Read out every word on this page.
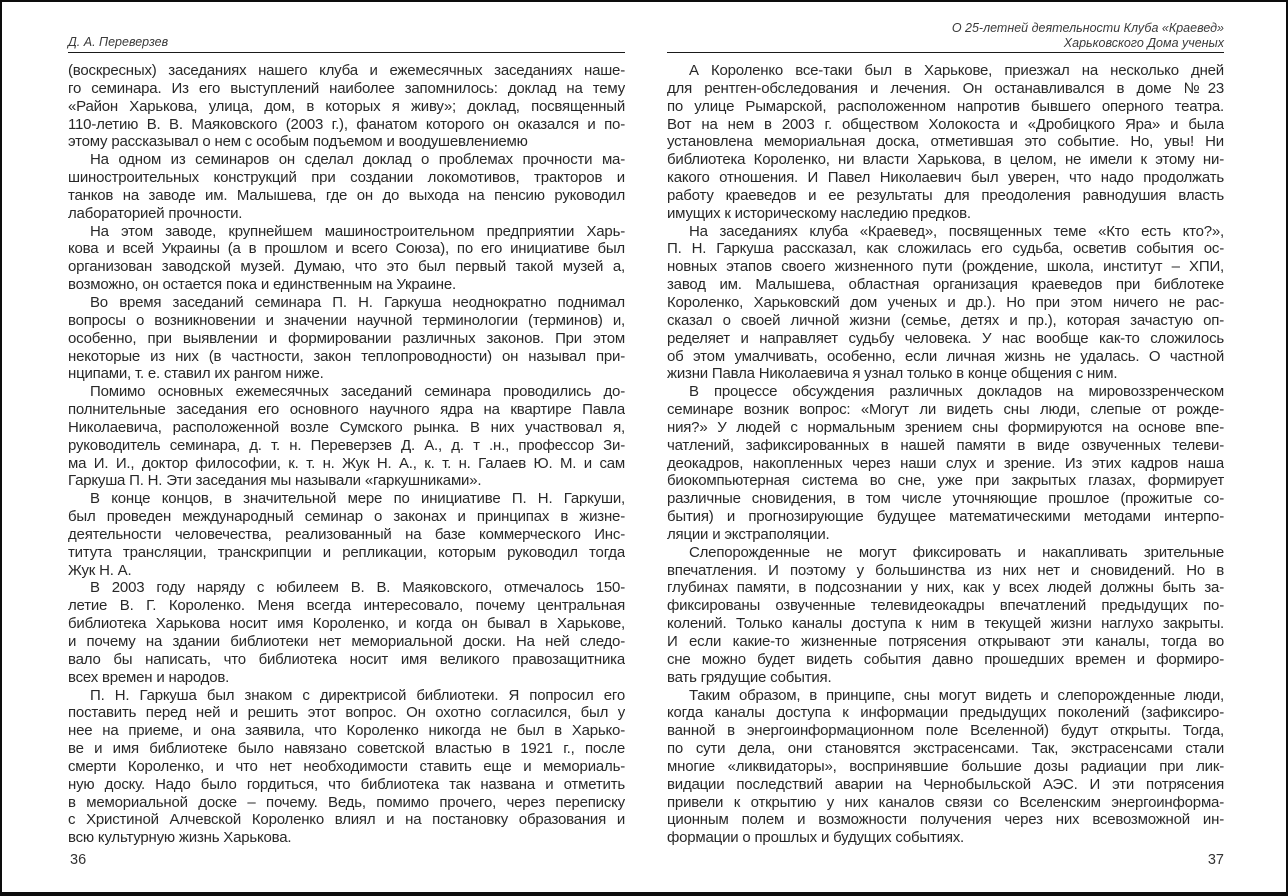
Д. А. Переверзев
(воскресных) заседаниях нашего клуба и ежемесячных заседаниях наше-
го семинара. Из его выступлений наиболее запомнилось: доклад на тему
«Район Харькова, улица, дом, в которых я живу»; доклад, посвященный
110-летию В. В. Маяковского (2003 г.), фанатом которого он оказался и по-
этому рассказывал о нем с особым подъемом и воодушевлениемю
На одном из семинаров он сделал доклад о проблемах прочности ма-
шиностроительных конструкций при создании локомотивов, тракторов и
танков на заводе им. Малышева, где он до выхода на пенсию руководил
лабораторией прочности.
На этом заводе, крупнейшем машиностроительном предприятии Харь-
кова и всей Украины (а в прошлом и всего Союза), по его инициативе был
организован заводской музей. Думаю, что это был первый такой музей а,
возможно, он остается пока и единственным на Украине.
Во время заседаний семинара П. Н. Гаркуша неоднократно поднимал
вопросы о возникновении и значении научной терминологии (терминов) и,
особенно, при выявлении и формировании различных законов. При этом
некоторые из них (в частности, закон теплопроводности) он называл при-
нципами, т. е. ставил их рангом ниже.
Помимо основных ежемесячных заседаний семинара проводились до-
полнительные заседания его основного научного ядра на квартире Павла
Николаевича, расположенной возле Сумского рынка. В них участвовал я,
руководитель семинара, д. т. н. Переверзев Д. А., д. т .н., профессор Зи-
ма И. И., доктор философии, к. т. н. Жук Н. А., к. т. н. Галаев Ю. М. и сам
Гаркуша П. Н. Эти заседания мы называли «гаркушниками».
В конце концов, в значительной мере по инициативе П. Н. Гаркуши,
был проведен международный семинар о законах и принципах в жизне-
деятельности человечества, реализованный на базе коммерческого Инс-
титута трансляции, транскрипции и репликации, которым руководил тогда
Жук Н. А.
В 2003 году наряду с юбилеем В. В. Маяковского, отмечалось 150-
летие В. Г. Короленко. Меня всегда интересовало, почему центральная
библиотека Харькова носит имя Короленко, и когда он бывал в Харькове,
и почему на здании библиотеки нет мемориальной доски. На ней следо-
вало бы написать, что библиотека носит имя великого правозащитника
всех времен и народов.
П. Н. Гаркуша был знаком с директрисой библиотеки. Я попросил его
поставить перед ней и решить этот вопрос. Он охотно согласился, был у
нее на приеме, и она заявила, что Короленко никогда не был в Харько-
ве и имя библиотеке было навязано советской властью в 1921 г., после
смерти Короленко, и что нет необходимости ставить еще и мемориаль-
ную доску. Надо было гордиться, что библиотека так названа и отметить
в мемориальной доске – почему. Ведь, помимо прочего, через переписку
с Христиной Алчевской Короленко влиял и на постановку образования и
всю культурную жизнь Харькова.
36
О 25-летней деятельности Клуба «Краевед»
Харьковского Дома ученых
А Короленко все-таки был в Харькове, приезжал на несколько дней
для рентген-обследования и лечения. Он останавливался в доме №23
по улице Рымарской, расположенном напротив бывшего оперного театра.
Вот на нем в 2003 г. обществом Холокоста и «Дробицкого Яра» и была
установлена мемориальная доска, отметившая это событие. Но, увы! Ни
библиотека Короленко, ни власти Харькова, в целом, не имели к этому ни-
какого отношения. И Павел Николаевич был уверен, что надо продолжать
работу краеведов и ее результаты для преодоления равнодушия власть
имущих к историческому наследию предков.
На заседаниях клуба «Краевед», посвященных теме «Кто есть кто?»,
П. Н. Гаркуша рассказал, как сложилась его судьба, осветив события ос-
новных этапов своего жизненного пути (рождение, школа, институт – ХПИ,
завод им. Малышева, областная организация краеведов при библотеке
Короленко, Харьковский дом ученых и др.). Но при этом ничего не рас-
сказал о своей личной жизни (семье, детях и пр.), которая зачастую оп-
ределяет и направляет судьбу человека. У нас вообще как-то сложилось
об этом умалчивать, особенно, если личная жизнь не удалась. О частной
жизни Павла Николаевича я узнал только в конце общения с ним.
В процессе обсуждения различных докладов на мировоззренческом
семинаре возник вопрос: «Могут ли видеть сны люди, слепые от рожде-
ния?» У людей с нормальным зрением сны формируются на основе впе-
чатлений, зафиксированных в нашей памяти в виде озвученных телеви-
деокадров, накопленных через наши слух и зрение. Из этих кадров наша
биокомпьютерная система во сне, уже при закрытых глазах, формирует
различные сновидения, в том числе уточняющие прошлое (прожитые со-
бытия) и прогнозирующие будущее математическими методами интерпо-
ляции и экстраполяции.
Слепорожденные не могут фиксировать и накапливать зрительные
впечатления. И поэтому у большинства из них нет и сновидений. Но в
глубинах памяти, в подсознании у них, как у всех людей должны быть за-
фиксированы озвученные телевидеокадры впечатлений предыдущих по-
колений. Только каналы доступа к ним в текущей жизни наглухо закрыты.
И если какие-то жизненные потрясения открывают эти каналы, тогда во
сне можно будет видеть события давно прошедших времен и формиро-
вать грядущие события.
Таким образом, в принципе, сны могут видеть и слепорожденные люди,
когда каналы доступа к информации предыдущих поколений (зафиксиро-
ванной в энергоинформационном поле Вселенной) будут открыты. Тогда,
по сути дела, они становятся экстрасенсами. Так, экстрасенсами стали
многие «ликвидаторы», воспринявшие большие дозы радиации при лик-
видации последствий аварии на Чернобыльской АЭС. И эти потрясения
привели к открытию у них каналов связи со Вселенским энергоинформа-
ционным полем и возможности получения через них всевозможной ин-
формации о прошлых и будущих событиях.
37
